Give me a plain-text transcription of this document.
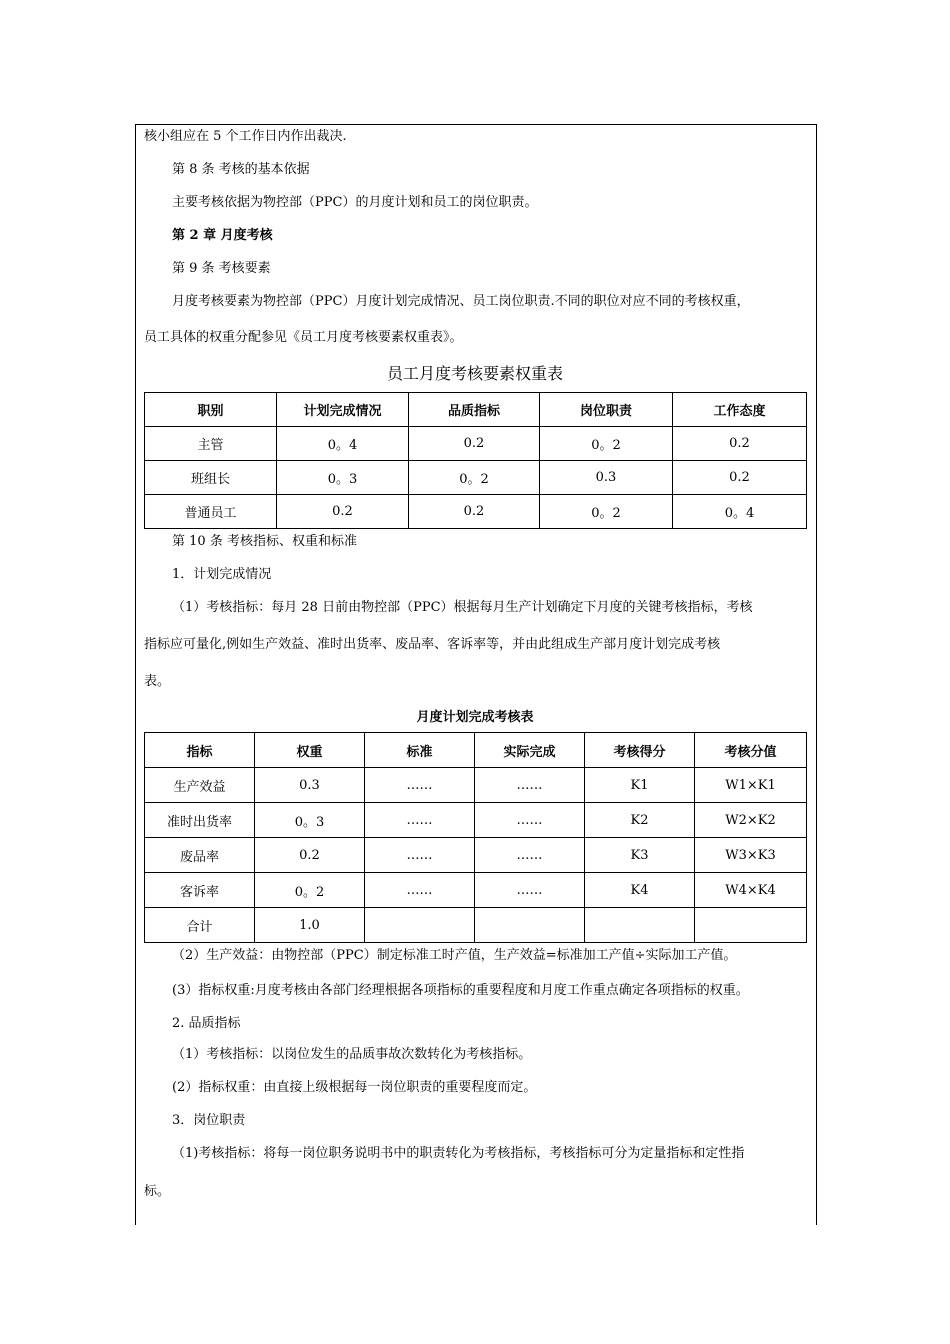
核小组应在 5 个工作日内作出裁决.
第 8 条 考核的基本依据
主要考核依据为物控部（PPC）的月度计划和员工的岗位职责。
第 2 章 月度考核
第 9 条 考核要素
月度考核要素为物控部（PPC）月度计划完成情况、员工岗位职责.不同的职位对应不同的考核权重，
员工具体的权重分配参见《员工月度考核要素权重表》。
员工月度考核要素权重表
职别	计划完成情况	品质指标	岗位职责	工作态度
主管	0。4	0.2	0。2	0.2
班组长	0。3	0。2	0.3	0.2
普通员工	0.2	0.2	0。2	0。4
第 10 条 考核指标、权重和标准
1．计划完成情况
（1）考核指标：每月 28 日前由物控部（PPC）根据每月生产计划确定下月度的关键考核指标，考核
指标应可量化,例如生产效益、准时出货率、废品率、客诉率等，并由此组成生产部月度计划完成考核
表。
月度计划完成考核表
指标	权重	标准	实际完成	考核得分	考核分值
生产效益	0.3	……	……	K1	W1×K1
准时出货率	0。3	……	……	K2	W2×K2
废品率	0.2	……	……	K3	W3×K3
客诉率	0。2	……	……	K4	W4×K4
合计	1.0				
（2）生产效益：由物控部（PPC）制定标准工时产值，生产效益=标准加工产值÷实际加工产值。
(3）指标权重:月度考核由各部门经理根据各项指标的重要程度和月度工作重点确定各项指标的权重。
2. 品质指标
（1）考核指标：以岗位发生的品质事故次数转化为考核指标。
(2）指标权重：由直接上级根据每一岗位职责的重要程度而定。
3．岗位职责
（1)考核指标：将每一岗位职务说明书中的职责转化为考核指标，考核指标可分为定量指标和定性指
标。
